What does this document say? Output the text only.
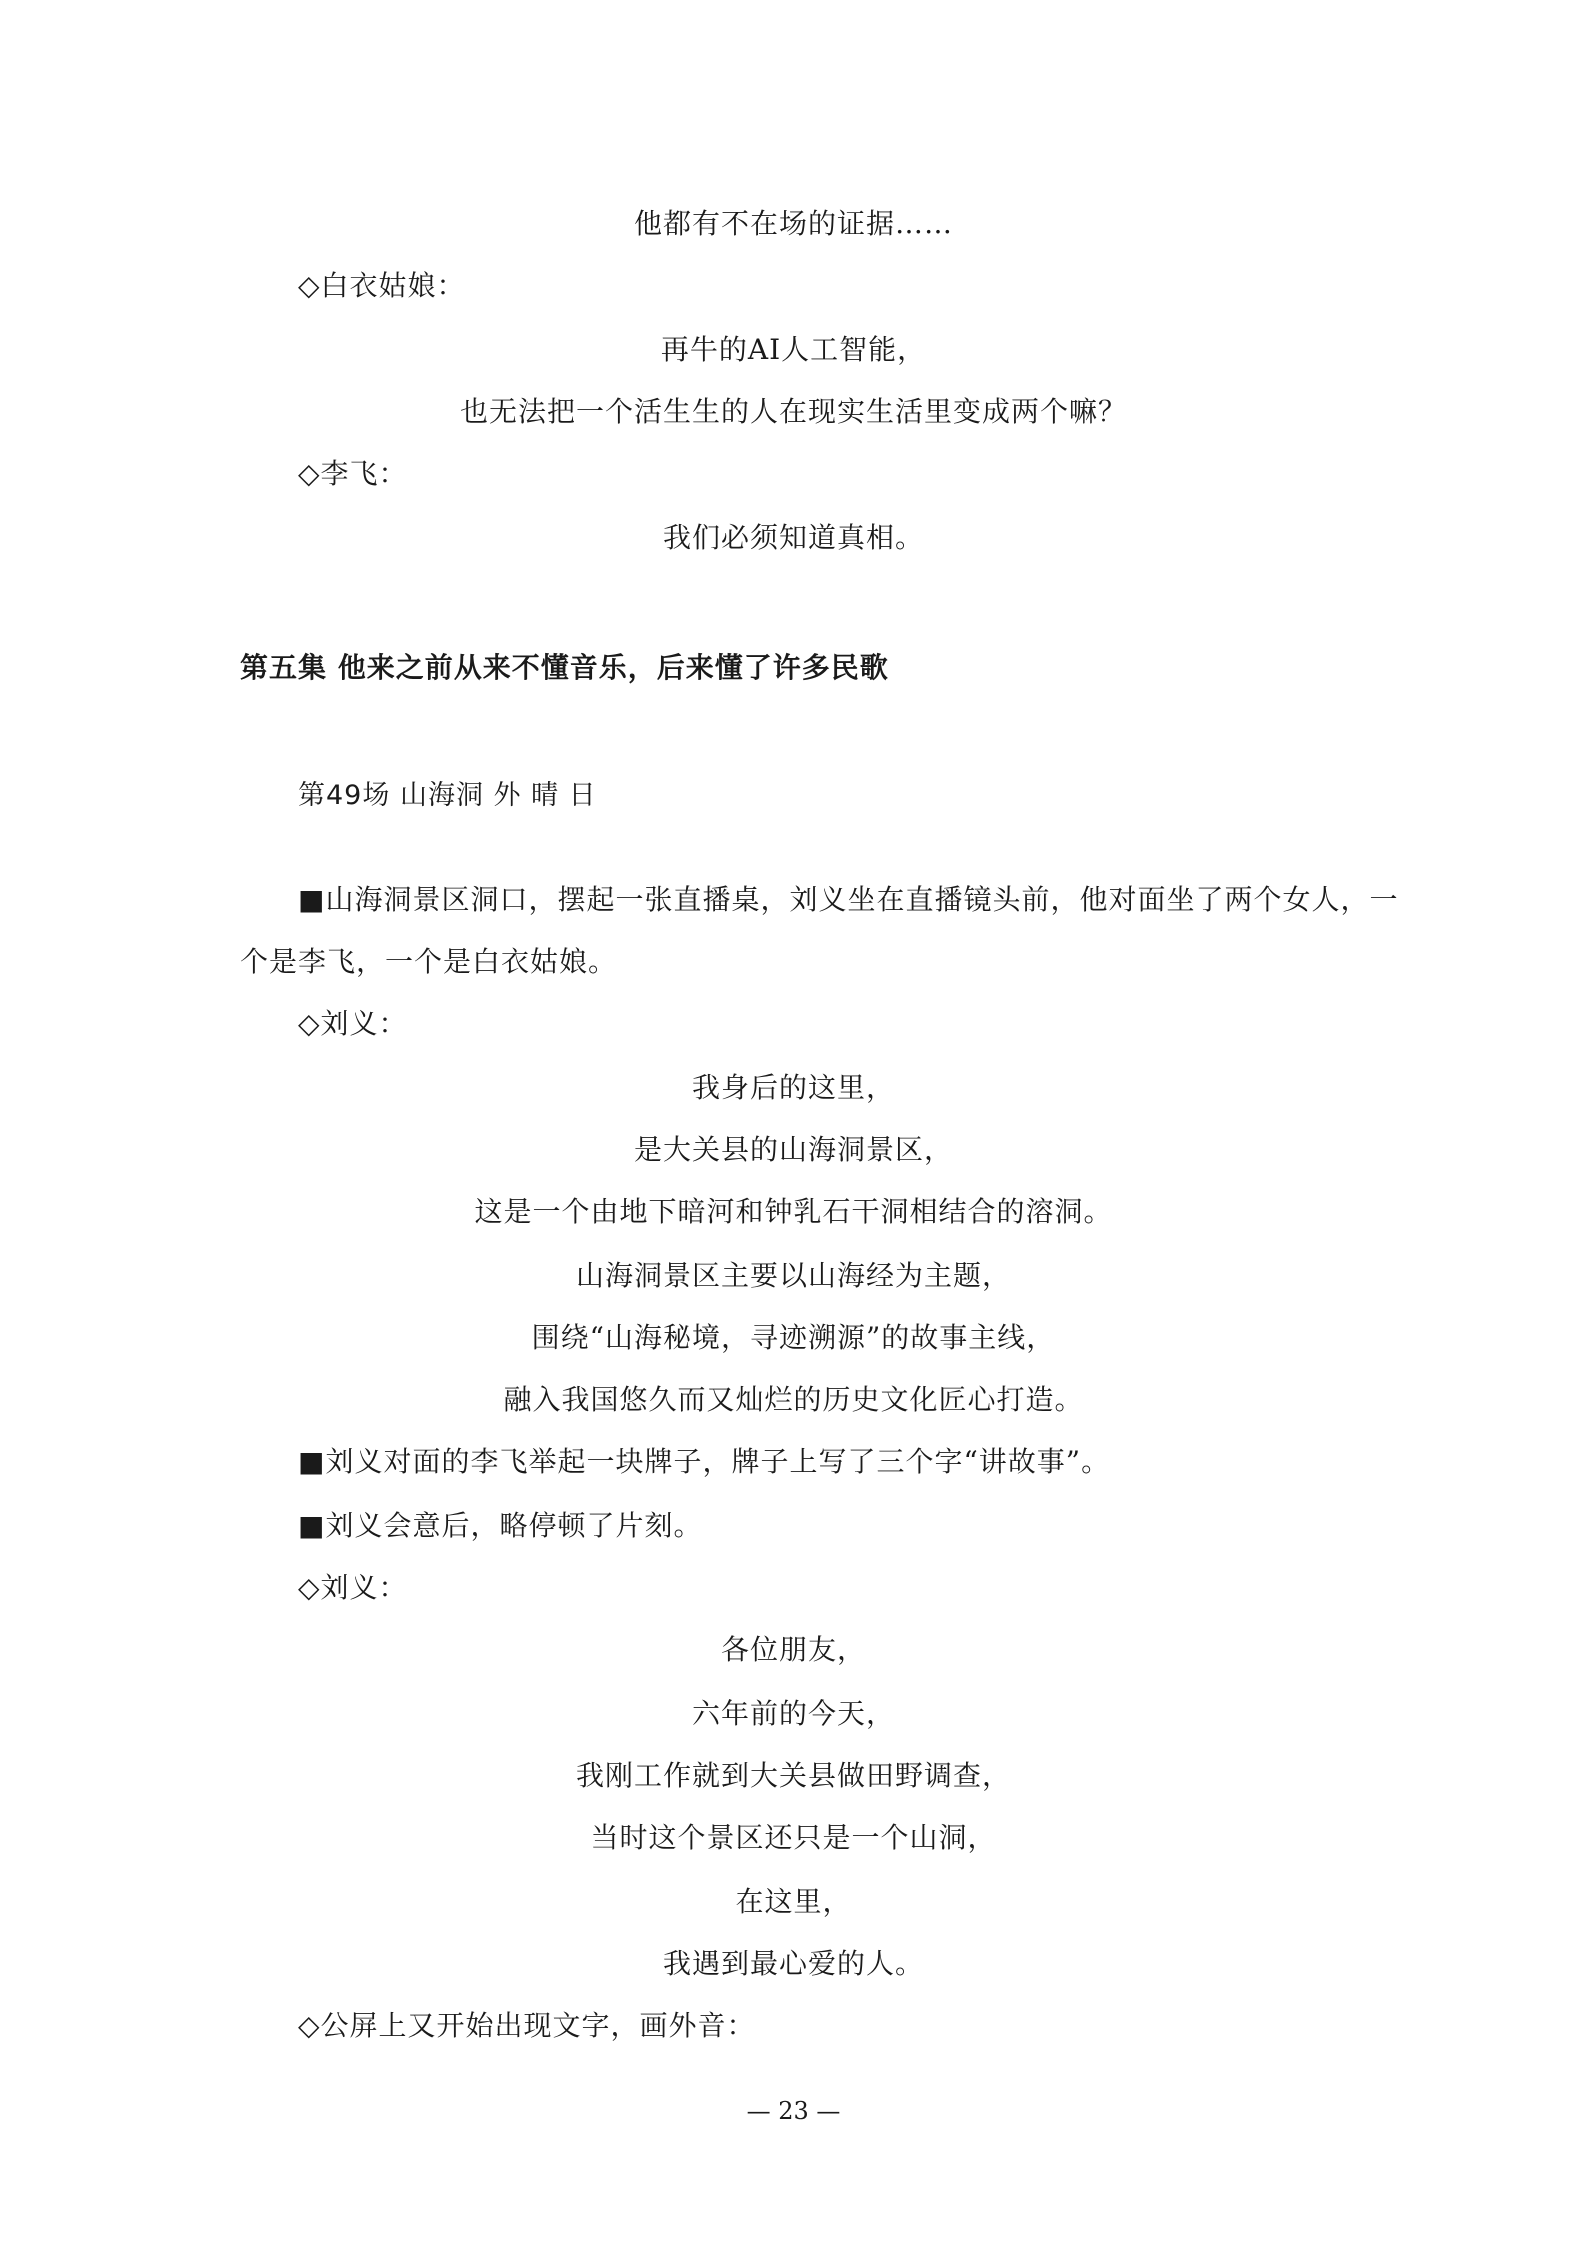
他都有不在场的证据……
◇白衣姑娘：
再牛的AI人工智能，
也无法把一个活生生的人在现实生活里变成两个嘛？
◇李飞：
我们必须知道真相。
第五集 他来之前从来不懂音乐，后来懂了许多民歌
第49场 山海洞 外 晴 日
■山海洞景区洞口，摆起一张直播桌，刘义坐在直播镜头前，他对面坐了两个女人，一
个是李飞，一个是白衣姑娘。
◇刘义：
我身后的这里，
是大关县的山海洞景区，
这是一个由地下暗河和钟乳石干洞相结合的溶洞。
山海洞景区主要以山海经为主题，
围绕“山海秘境，寻迹溯源”的故事主线，
融入我国悠久而又灿烂的历史文化匠心打造。
■刘义对面的李飞举起一块牌子，牌子上写了三个字“讲故事”。
■刘义会意后，略停顿了片刻。
◇刘义：
各位朋友，
六年前的今天，
我刚工作就到大关县做田野调查，
当时这个景区还只是一个山洞，
在这里，
我遇到最心爱的人。
◇公屏上又开始出现文字，画外音：
— 23 —
